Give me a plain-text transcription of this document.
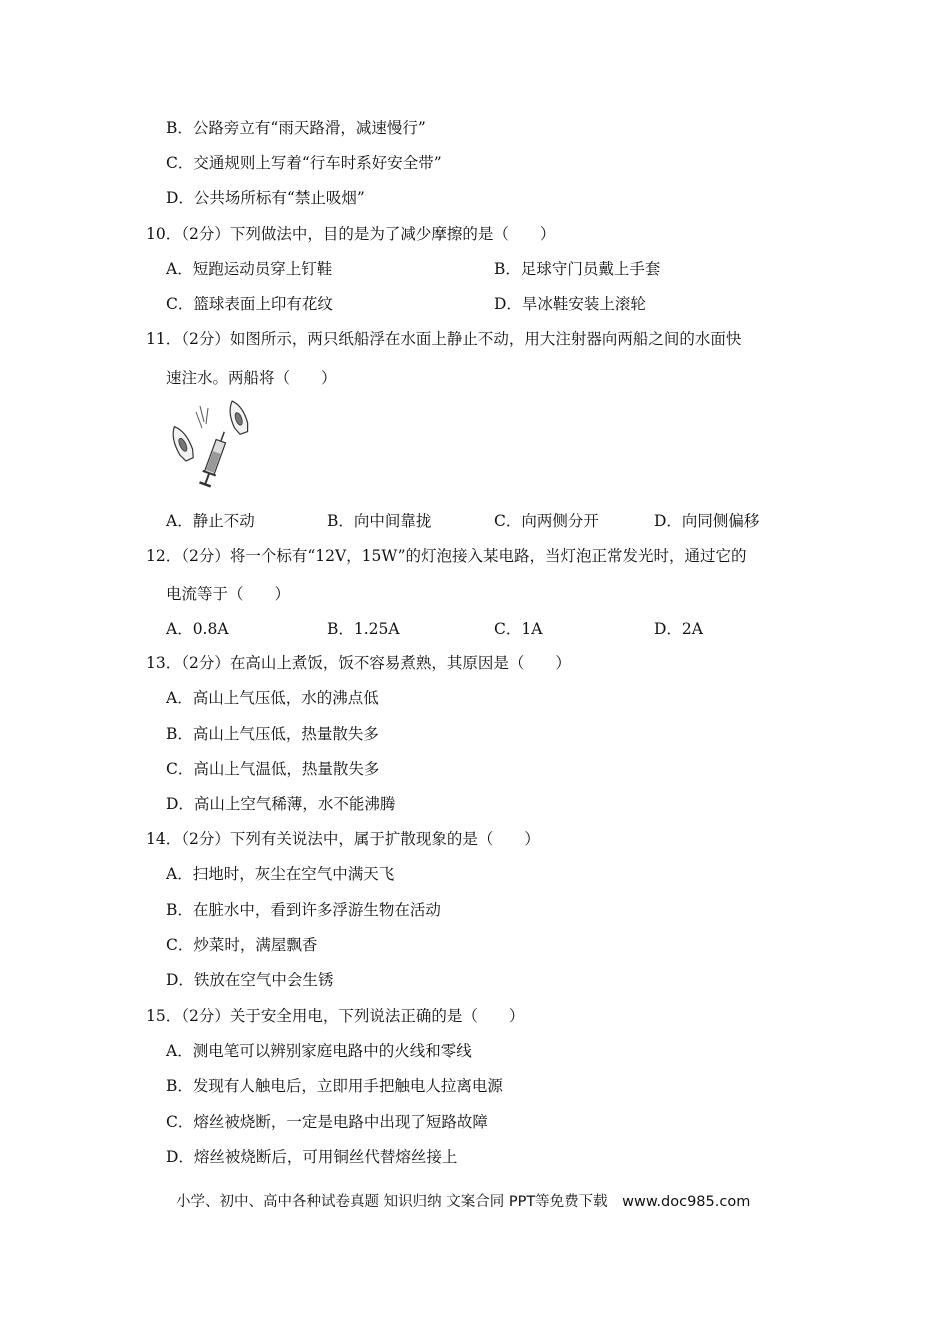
B．公路旁立有“雨天路滑，减速慢行”
C．交通规则上写着“行车时系好安全带”
D．公共场所标有“禁止吸烟”
10．（2分）下列做法中，目的是为了减少摩擦的是（　　）
A．短跑运动员穿上钉鞋	B．足球守门员戴上手套
C．篮球表面上印有花纹	D．旱冰鞋安装上滚轮
11．（2分）如图所示，两只纸船浮在水面上静止不动，用大注射器向两船之间的水面快
速注水。两船将（　　）
A．静止不动	B．向中间靠拢	C．向两侧分开	D．向同侧偏移
12．（2分）将一个标有“12V，15W”的灯泡接入某电路，当灯泡正常发光时，通过它的
电流等于（　　）
A．0.8A	B．1.25A	C．1A	D．2A
13．（2分）在高山上煮饭，饭不容易煮熟，其原因是（　　）
A．高山上气压低，水的沸点低
B．高山上气压低，热量散失多
C．高山上气温低，热量散失多
D．高山上空气稀薄，水不能沸腾
14．（2分）下列有关说法中，属于扩散现象的是（　　）
A．扫地时，灰尘在空气中满天飞
B．在脏水中，看到许多浮游生物在活动
C．炒菜时，满屋飘香
D．铁放在空气中会生锈
15．（2分）关于安全用电，下列说法正确的是（　　）
A．测电笔可以辨别家庭电路中的火线和零线
B．发现有人触电后，立即用手把触电人拉离电源
C．熔丝被烧断，一定是电路中出现了短路故障
D．熔丝被烧断后，可用铜丝代替熔丝接上
小学、初中、高中各种试卷真题 知识归纳 文案合同 PPT等免费下载　www.doc985.com
